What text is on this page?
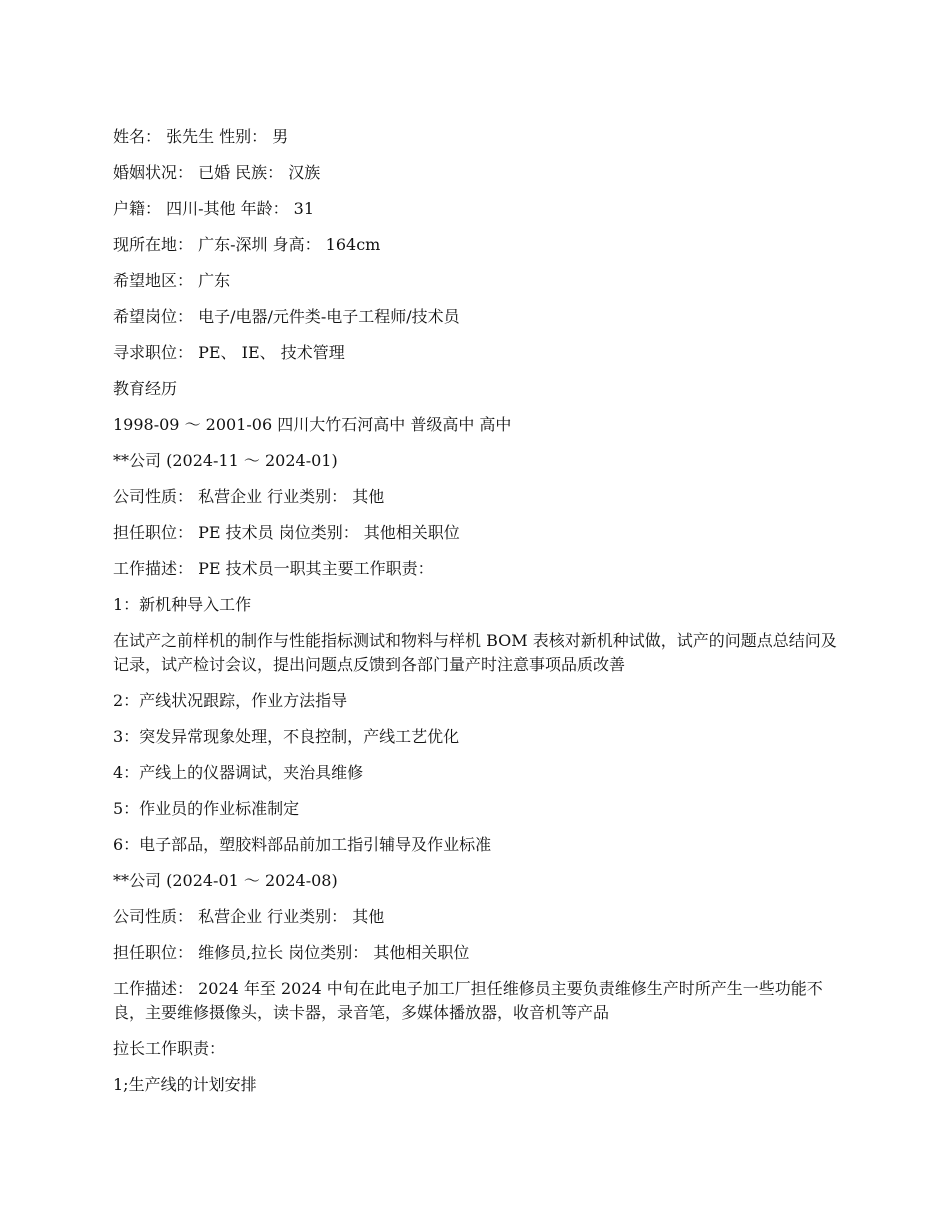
姓名： 张先生 性别： 男
婚姻状况： 已婚 民族： 汉族
户籍： 四川-其他 年龄： 31
现所在地： 广东-深圳 身高： 164cm
希望地区： 广东
希望岗位： 电子/电器/元件类-电子工程师/技术员
寻求职位： PE、 IE、 技术管理
教育经历
1998-09 ～ 2001-06 四川大竹石河高中 普级高中 高中
**公司 (2024-11 ～ 2024-01)
公司性质： 私营企业 行业类别： 其他
担任职位： PE 技术员 岗位类别： 其他相关职位
工作描述： PE 技术员一职其主要工作职责：
1：新机种导入工作
在试产之前样机的制作与性能指标测试和物料与样机 BOM 表核对新机种试做，试产的问题点总结问及记录，试产检讨会议，提出问题点反馈到各部门量产时注意事项品质改善
2：产线状况跟踪，作业方法指导
3：突发异常现象处理，不良控制，产线工艺优化
4：产线上的仪器调试，夹治具维修
5：作业员的作业标准制定
6：电子部品，塑胶料部品前加工指引辅导及作业标准
**公司 (2024-01 ～ 2024-08)
公司性质： 私营企业 行业类别： 其他
担任职位： 维修员,拉长 岗位类别： 其他相关职位
工作描述： 2024 年至 2024 中旬在此电子加工厂担任维修员主要负责维修生产时所产生一些功能不良，主要维修摄像头，读卡器，录音笔，多媒体播放器，收音机等产品
拉长工作职责：
1;生产线的计划安排
